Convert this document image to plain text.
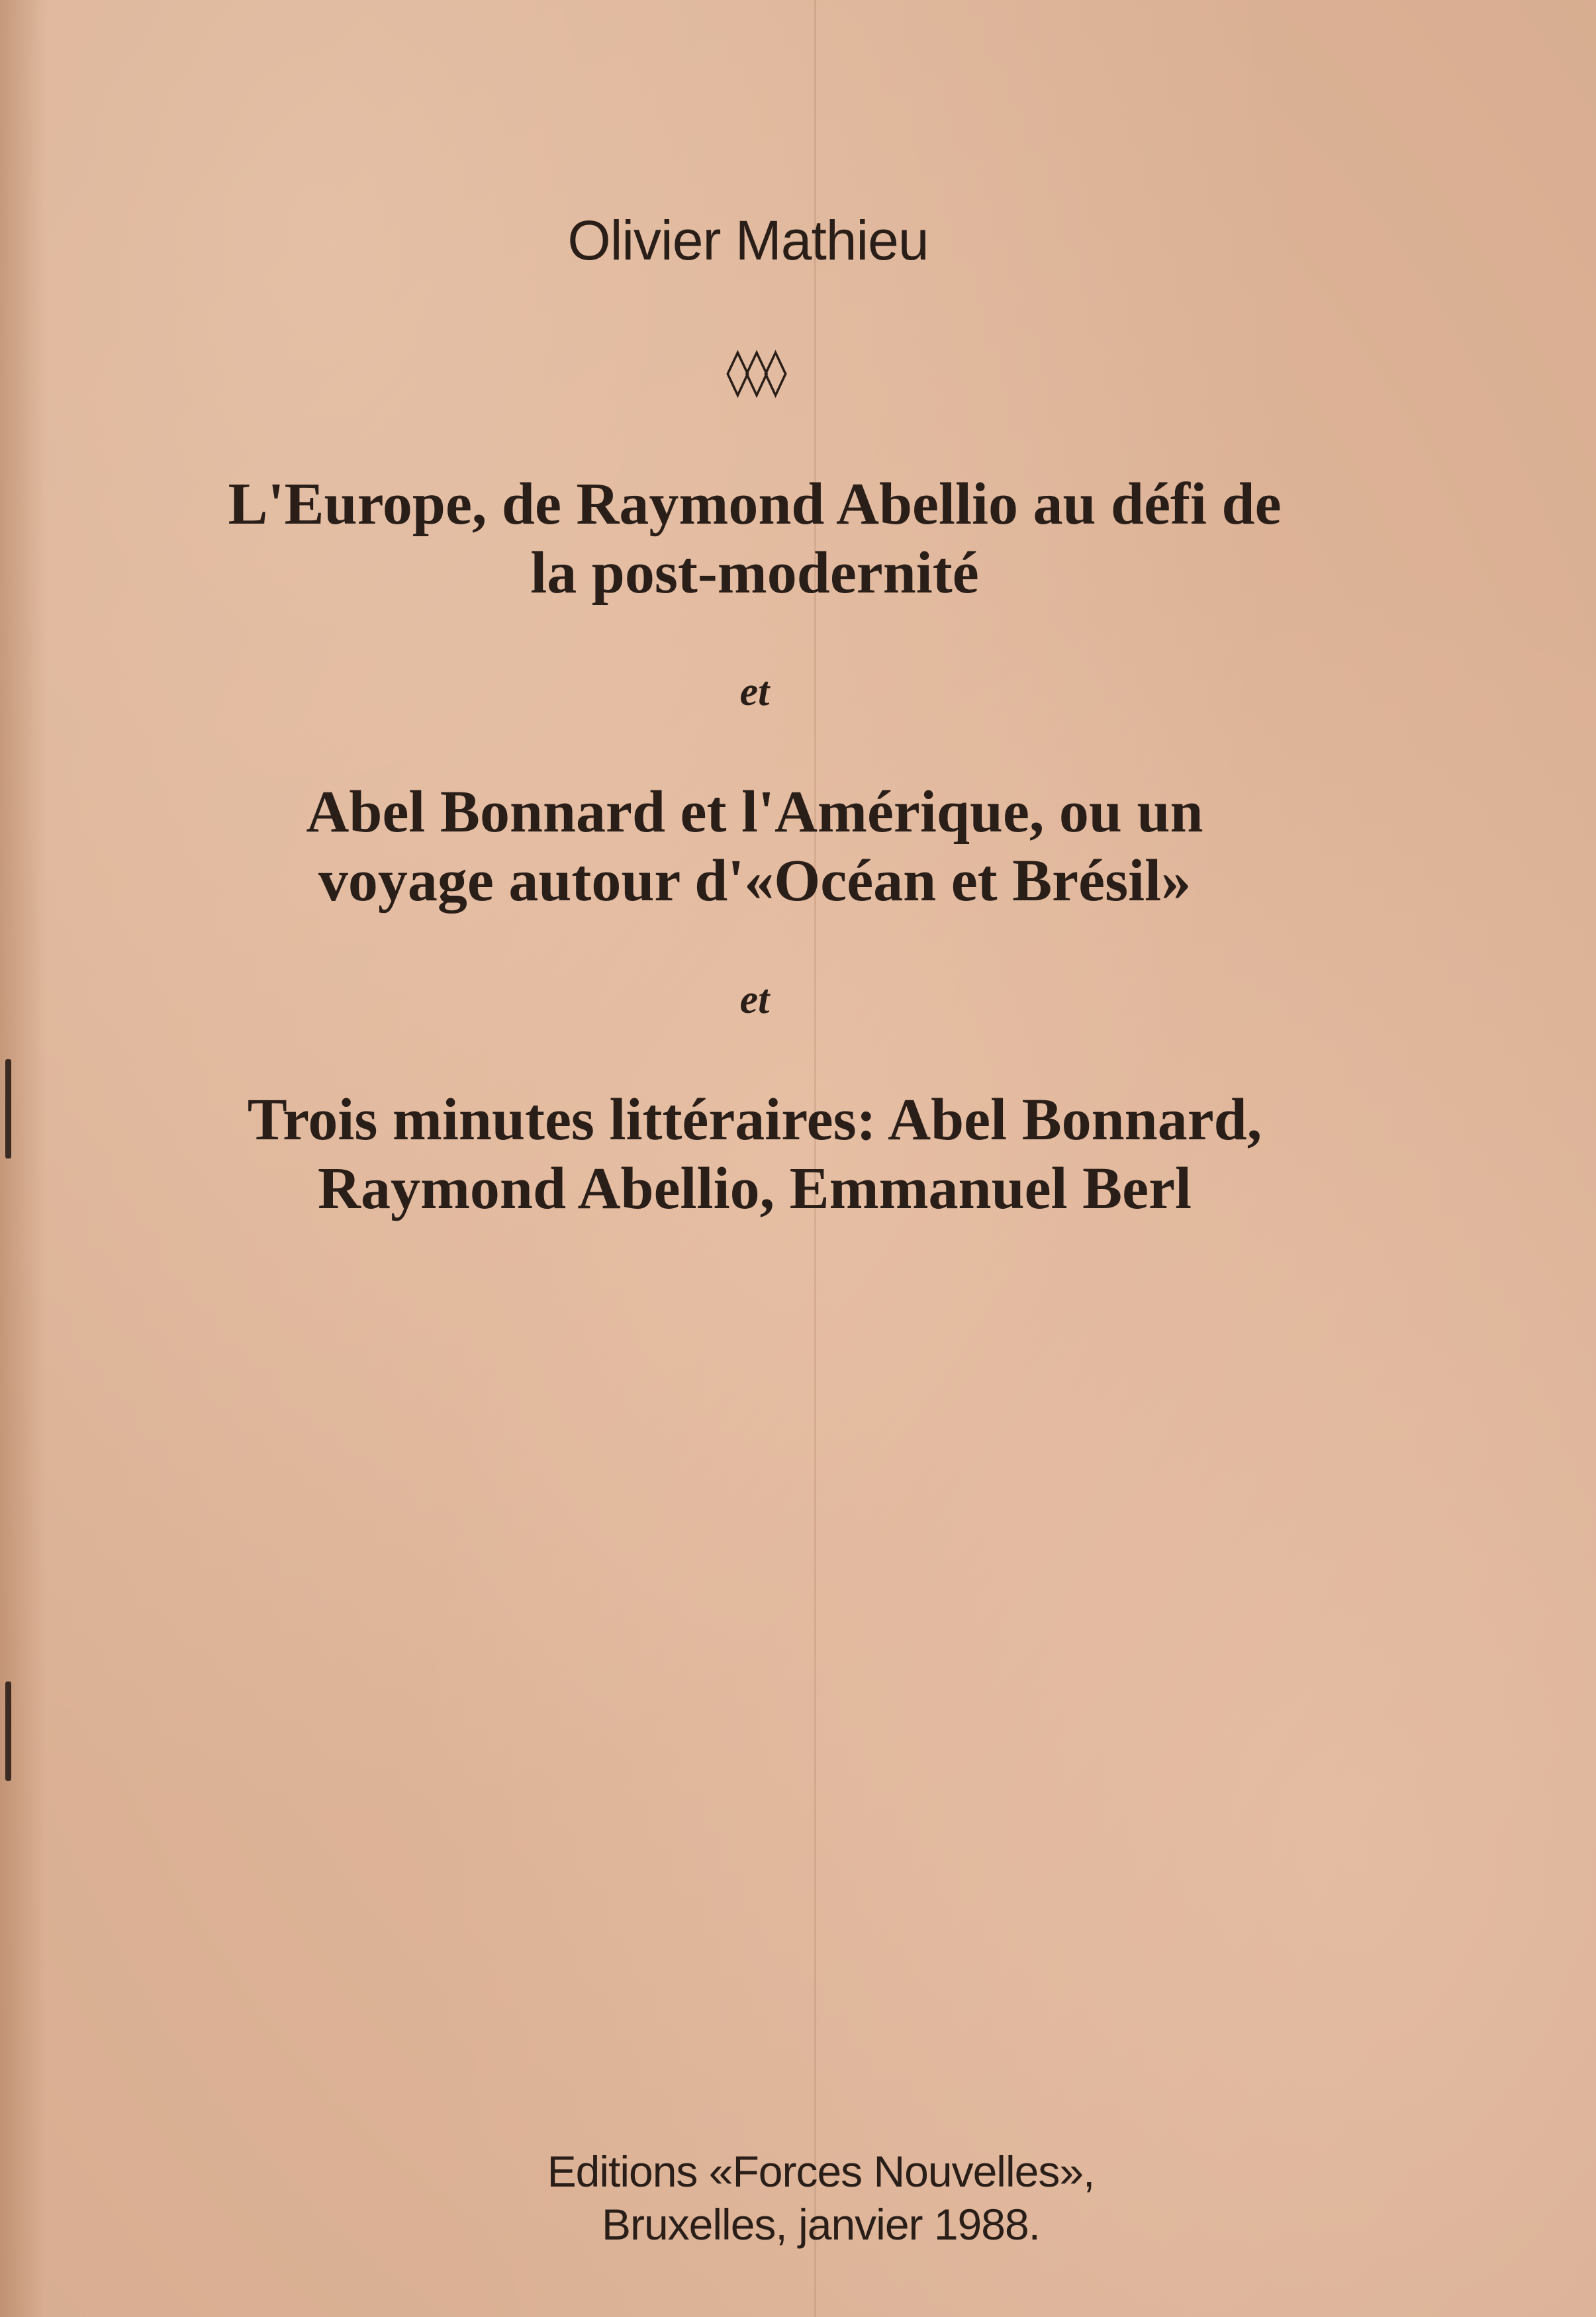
Olivier Mathieu
◊◊◊
L'Europe, de Raymond Abellio au défi de
la post-modernité
et
Abel Bonnard et l'Amérique, ou un
voyage autour d'«Océan et Brésil»
et
Trois minutes littéraires: Abel Bonnard,
Raymond Abellio, Emmanuel Berl
Editions «Forces Nouvelles»,
Bruxelles, janvier 1988.
